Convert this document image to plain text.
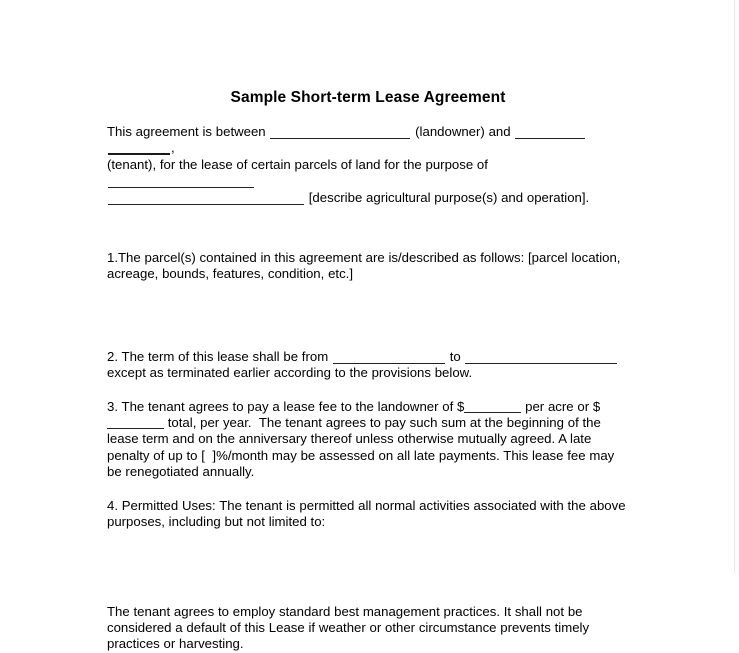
Sample Short-term Lease Agreement

This agreement is between	(landowner) and ,
(tenant), for the lease of certain parcels of land for the purpose of
[describe agricultural purpose(s) and operation].

1.The parcel(s) contained in this agreement are is/described as follows: [parcel location, acreage, bounds, features, condition, etc.]

2. The term of this lease shall be from	to
except as terminated earlier according to the provisions below.

3. The tenant agrees to pay a lease fee to the landowner of $	per acre or $ total, per year.  The tenant agrees to pay such sum at the beginning of the lease term and on the anniversary thereof unless otherwise mutually agreed. A late penalty of up to [  ]%/month may be assessed on all late payments. This lease fee may be renegotiated annually.

4. Permitted Uses: The tenant is permitted all normal activities associated with the above purposes, including but not limited to:

The tenant agrees to employ standard best management practices. It shall not be considered a default of this Lease if weather or other circumstance prevents timely practices or harvesting.
